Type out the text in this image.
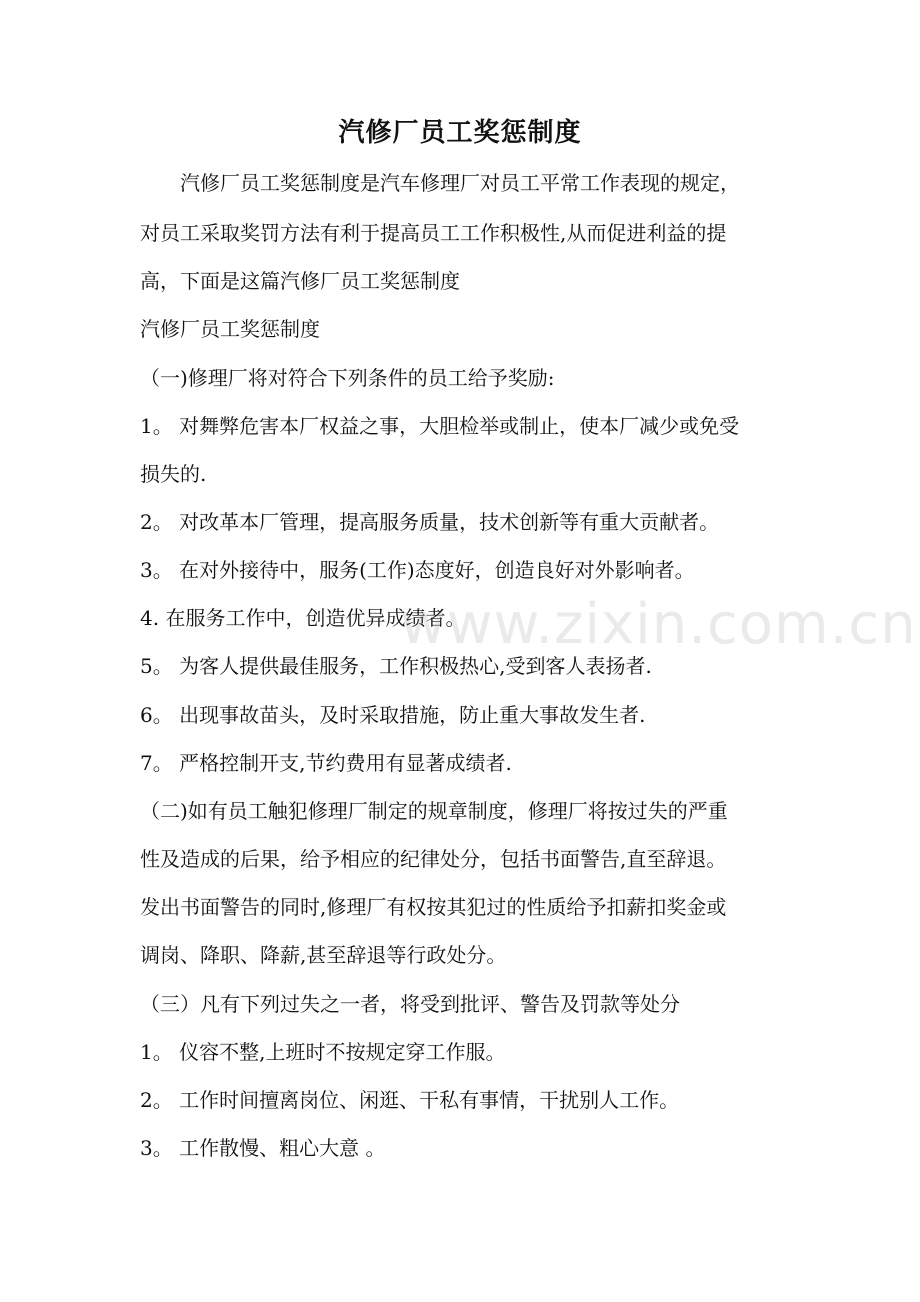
汽修厂员工奖惩制度
　　汽修厂员工奖惩制度是汽车修理厂对员工平常工作表现的规定，
对员工采取奖罚方法有利于提高员工工作积极性,从而促进利益的提
高，下面是这篇汽修厂员工奖惩制度
汽修厂员工奖惩制度
（一)修理厂将对符合下列条件的员工给予奖励:
1。 对舞弊危害本厂权益之事，大胆检举或制止，使本厂减少或免受
损失的.
2。 对改革本厂管理，提高服务质量，技术创新等有重大贡献者。
3。 在对外接待中，服务(工作)态度好，创造良好对外影响者。
4. 在服务工作中，创造优异成绩者。
5。 为客人提供最佳服务，工作积极热心,受到客人表扬者.
6。 出现事故苗头，及时采取措施，防止重大事故发生者.
7。 严格控制开支,节约费用有显著成绩者.
（二)如有员工触犯修理厂制定的规章制度，修理厂将按过失的严重
性及造成的后果，给予相应的纪律处分，包括书面警告,直至辞退。
发出书面警告的同时,修理厂有权按其犯过的性质给予扣薪扣奖金或
调岗、降职、降薪,甚至辞退等行政处分。
（三）凡有下列过失之一者，将受到批评、警告及罚款等处分
1。 仪容不整,上班时不按规定穿工作服。
2。 工作时间擅离岗位、闲逛、干私有事情，干扰别人工作。
3。 工作散慢、粗心大意 。
www.zixin.com.cn
